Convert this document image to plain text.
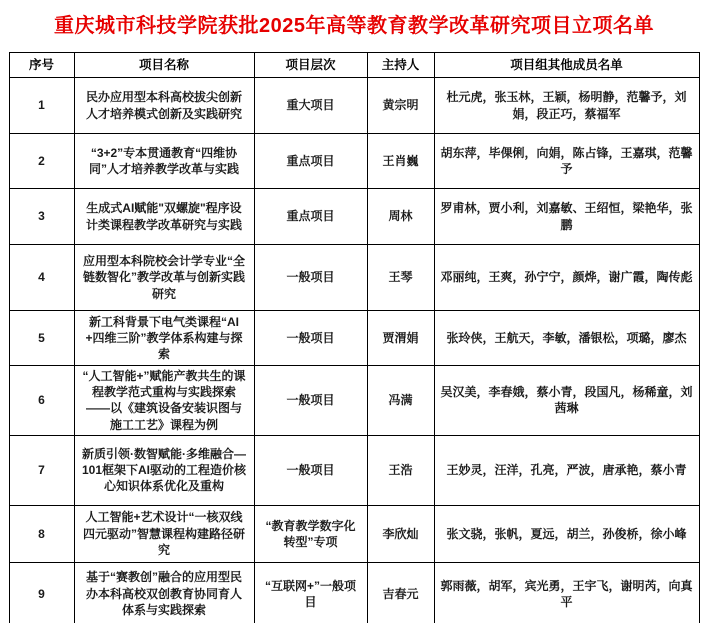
重庆城市科技学院获批2025年高等教育教学改革研究项目立项名单
序号	项目名称	项目层次	主持人	项目组其他成员名单
1	民办应用型本科高校拔尖创新人才培养模式创新及实践研究	重大项目	黄宗明	杜元虎，张玉林，王颖，杨明静，范馨予，刘娟，段正巧，蔡福军
2	“3+2”专本贯通教育“四维协同”人才培养教学改革与实践	重点项目	王肖巍	胡东萍，毕倮俐，向娟，陈占锋，王嘉琪，范馨予
3	生成式AI赋能"双螺旋"程序设计类课程教学改革研究与实践	重点项目	周林	罗甫林，贾小利，刘嘉敏、王绍恒，梁艳华，张鹏
4	应用型本科院校会计学专业“全链数智化”教学改革与创新实践研究	一般项目	王琴	邓丽纯，王爽，孙宁宁，颜烨，谢广霞，陶传彪
5	新工科背景下电气类课程“AI+四维三阶”教学体系构建与探索	一般项目	贾渭娟	张玲侠，王航天，李敏，潘银松，项璐，廖杰
6	“人工智能+”赋能产教共生的课程教学范式重构与实践探索——以《建筑设备安装识图与施工工艺》课程为例	一般项目	冯满	吴汉美，李春娥，蔡小青，段国凡，杨稀童，刘茜琳
7	新质引领·数智赋能·多维融合—101框架下AI驱动的工程造价核心知识体系优化及重构	一般项目	王浩	王妙灵，汪洋，孔亮，严波，唐承艳，蔡小青
8	人工智能+艺术设计“一核双线四元驱动”智慧课程构建路径研究	“教育教学数字化转型”专项	李欣灿	张文骁，张帆，夏远，胡兰，孙俊桥，徐小峰
9	基于“赛教创”融合的应用型民办本科高校双创教育协同育人体系与实践探索	“互联网+”一般项目	吉春元	郭雨薇，胡军，宾光勇，王宇飞，谢明芮，向真平
